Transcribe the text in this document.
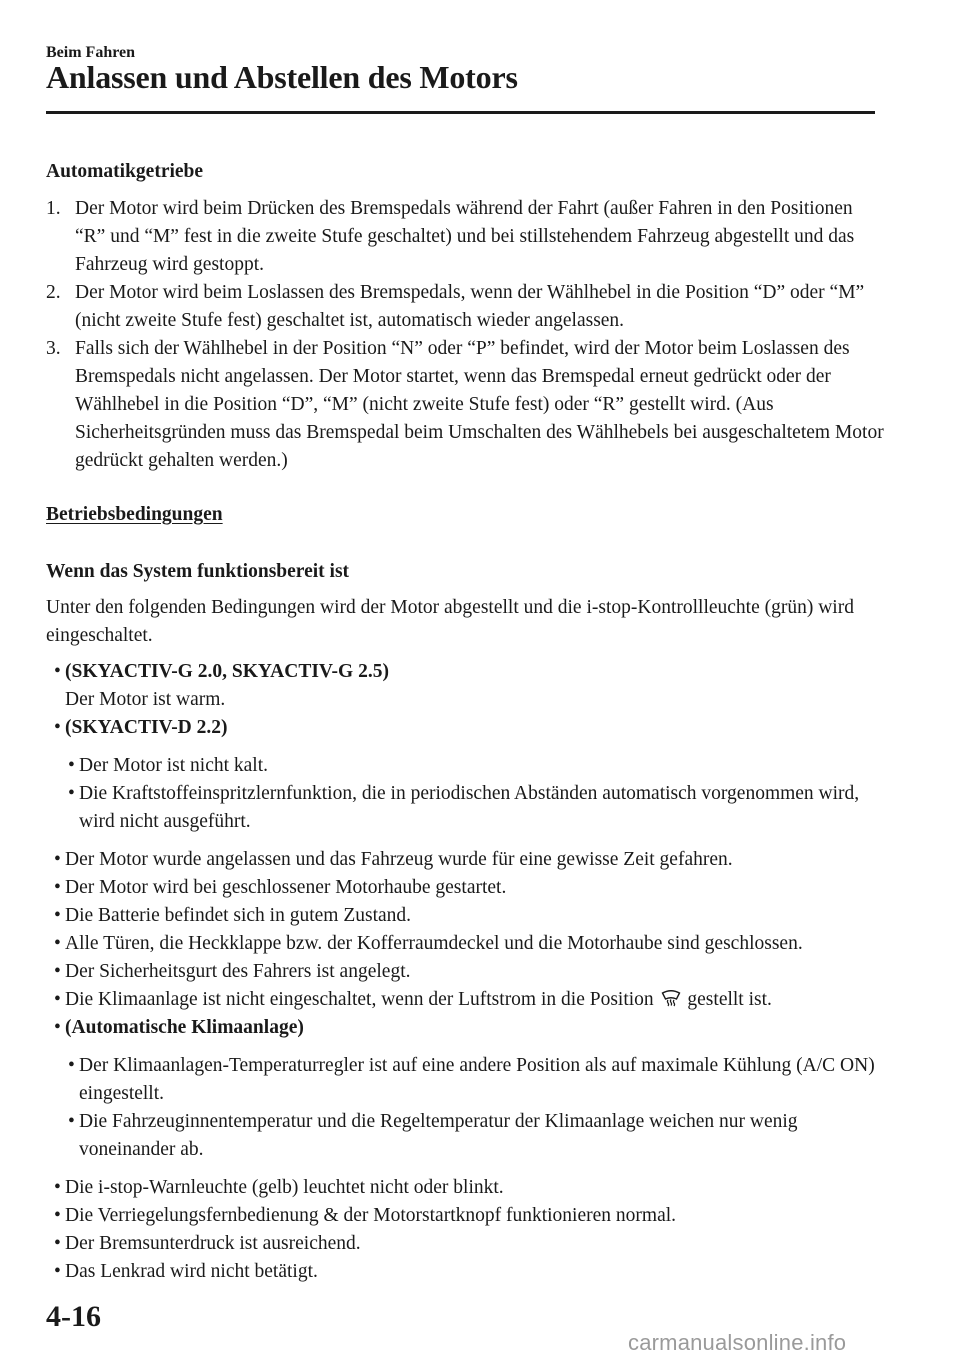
Beim Fahren
Anlassen und Abstellen des Motors
Automatikgetriebe
1. Der Motor wird beim Drücken des Bremspedals während der Fahrt (außer Fahren in den Positionen “R” und “M” fest in die zweite Stufe geschaltet) und bei stillstehendem Fahrzeug abgestellt und das Fahrzeug wird gestoppt.
2. Der Motor wird beim Loslassen des Bremspedals, wenn der Wählhebel in die Position “D” oder “M” (nicht zweite Stufe fest) geschaltet ist, automatisch wieder angelassen.
3. Falls sich der Wählhebel in der Position “N” oder “P” befindet, wird der Motor beim Loslassen des Bremspedals nicht angelassen. Der Motor startet, wenn das Bremspedal erneut gedrückt oder der Wählhebel in die Position “D”, “M” (nicht zweite Stufe fest) oder “R” gestellt wird. (Aus Sicherheitsgründen muss das Bremspedal beim Umschalten des Wählhebels bei ausgeschaltetem Motor gedrückt gehalten werden.)
Betriebsbedingungen
Wenn das System funktionsbereit ist

Unter den folgenden Bedingungen wird der Motor abgestellt und die i-stop-Kontrollleuchte (grün) wird eingeschaltet.

• (SKYACTIV-G 2.0, SKYACTIV-G 2.5)
Der Motor ist warm.
• (SKYACTIV-D 2.2)
• Der Motor ist nicht kalt.
• Die Kraftstoffeinspritzlernfunktion, die in periodischen Abständen automatisch vorgenommen wird, wird nicht ausgeführt.
• Der Motor wurde angelassen und das Fahrzeug wurde für eine gewisse Zeit gefahren.
• Der Motor wird bei geschlossener Motorhaube gestartet.
• Die Batterie befindet sich in gutem Zustand.
• Alle Türen, die Heckklappe bzw. der Kofferraumdeckel und die Motorhaube sind geschlossen.
• Der Sicherheitsgurt des Fahrers ist angelegt.
• Die Klimaanlage ist nicht eingeschaltet, wenn der Luftstrom in die Position gestellt ist.
• (Automatische Klimaanlage)
• Der Klimaanlagen-Temperaturregler ist auf eine andere Position als auf maximale Kühlung (A/C ON) eingestellt.
• Die Fahrzeuginnentemperatur und die Regeltemperatur der Klimaanlage weichen nur wenig voneinander ab.
• Die i-stop-Warnleuchte (gelb) leuchtet nicht oder blinkt.
• Die Verriegelungsfernbedienung & der Motorstartknopf funktionieren normal.
• Der Bremsunterdruck ist ausreichend.
• Das Lenkrad wird nicht betätigt.
4-16
carmanualsonline.info
